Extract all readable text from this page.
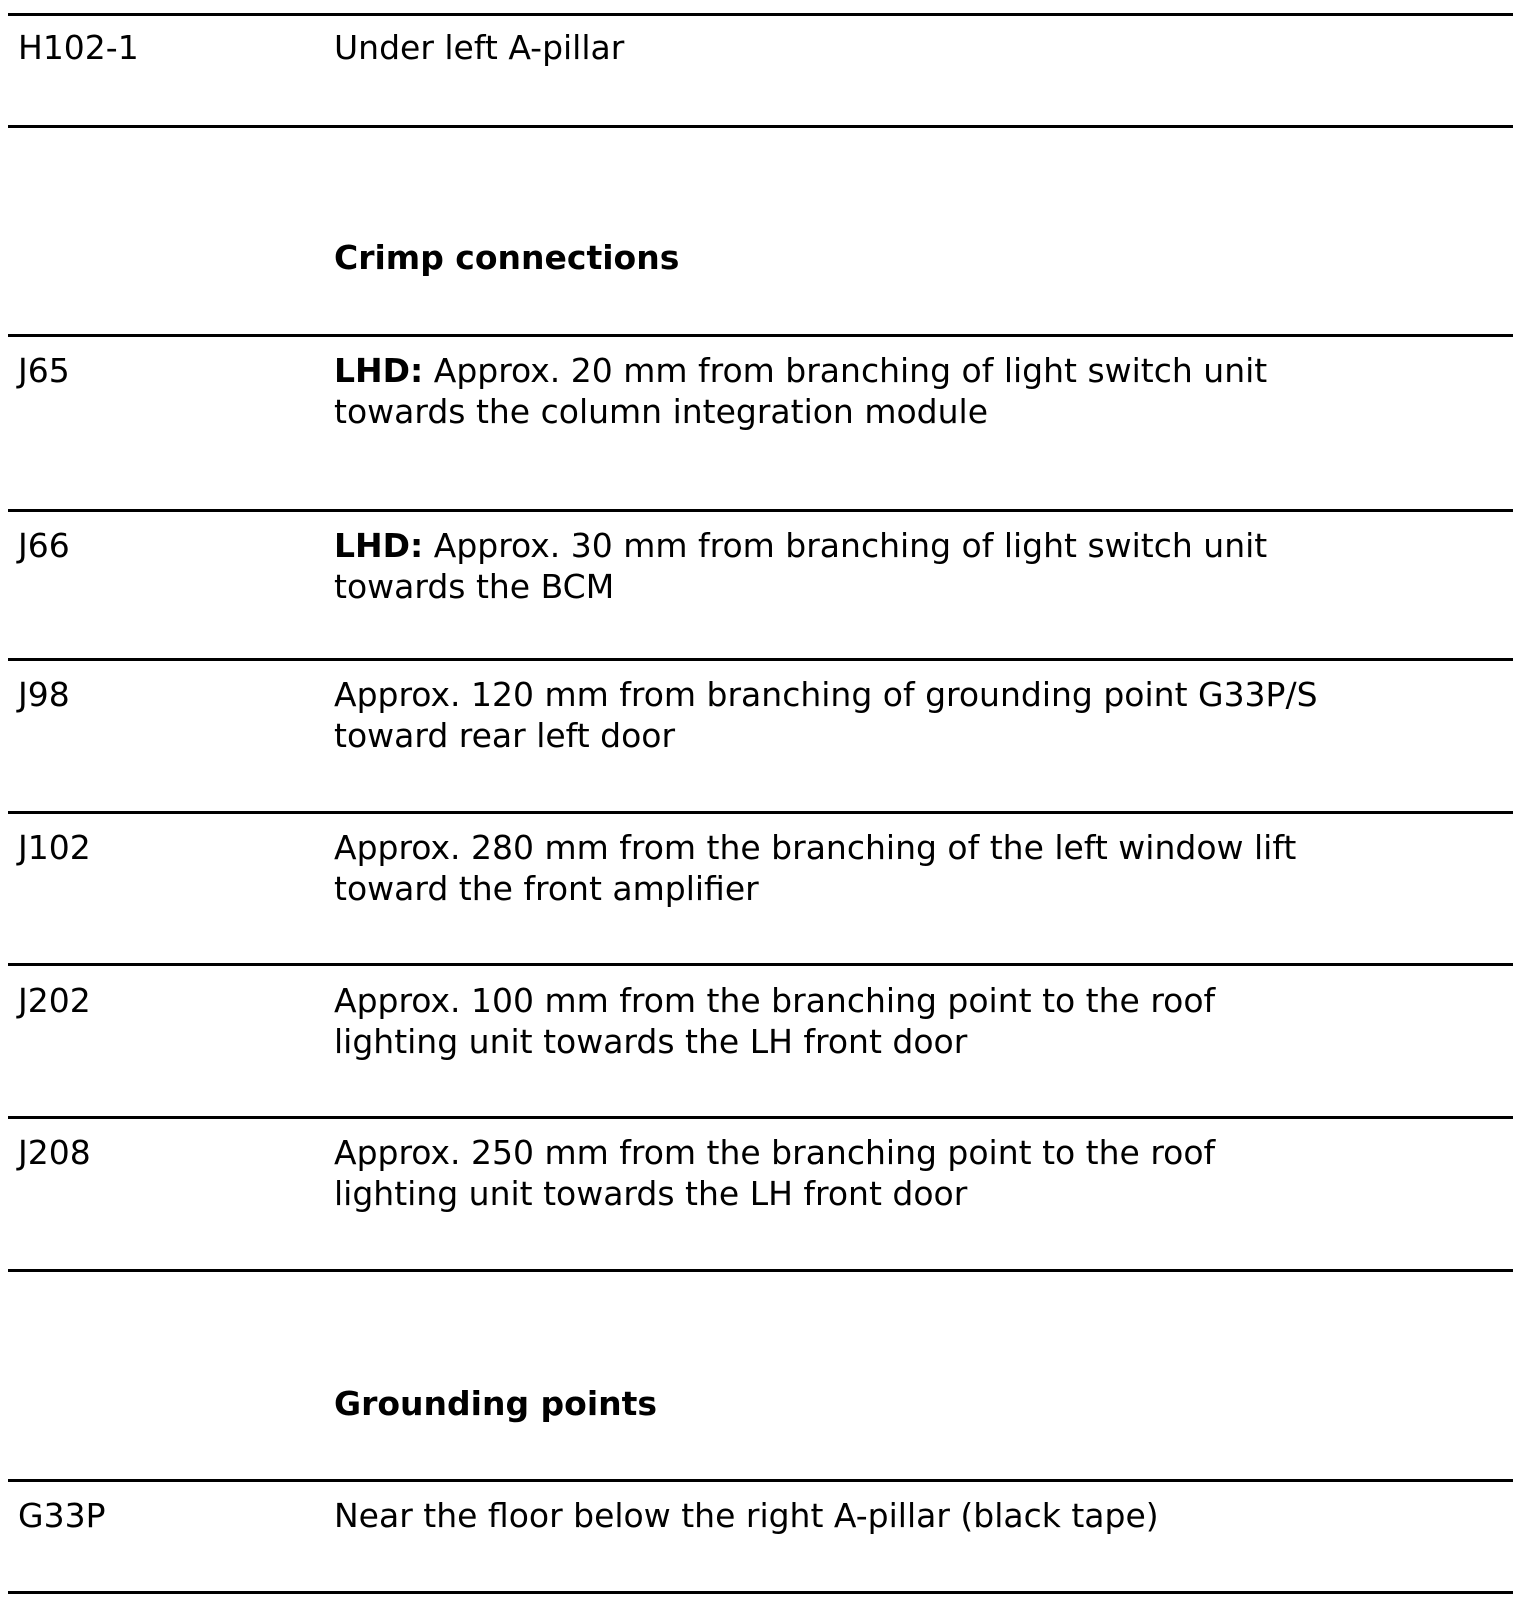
H102-1	Under left A-pillar
Crimp connections
J65	LHD: Approx. 20 mm from branching of light switch unit towards the column integration module
J66	LHD: Approx. 30 mm from branching of light switch unit towards the BCM
J98	Approx. 120 mm from branching of grounding point G33P/S toward rear left door
J102	Approx. 280 mm from the branching of the left window lift toward the front amplifier
J202	Approx. 100 mm from the branching point to the roof lighting unit towards the LH front door
J208	Approx. 250 mm from the branching point to the roof lighting unit towards the LH front door
Grounding points
G33P	Near the floor below the right A-pillar (black tape)
